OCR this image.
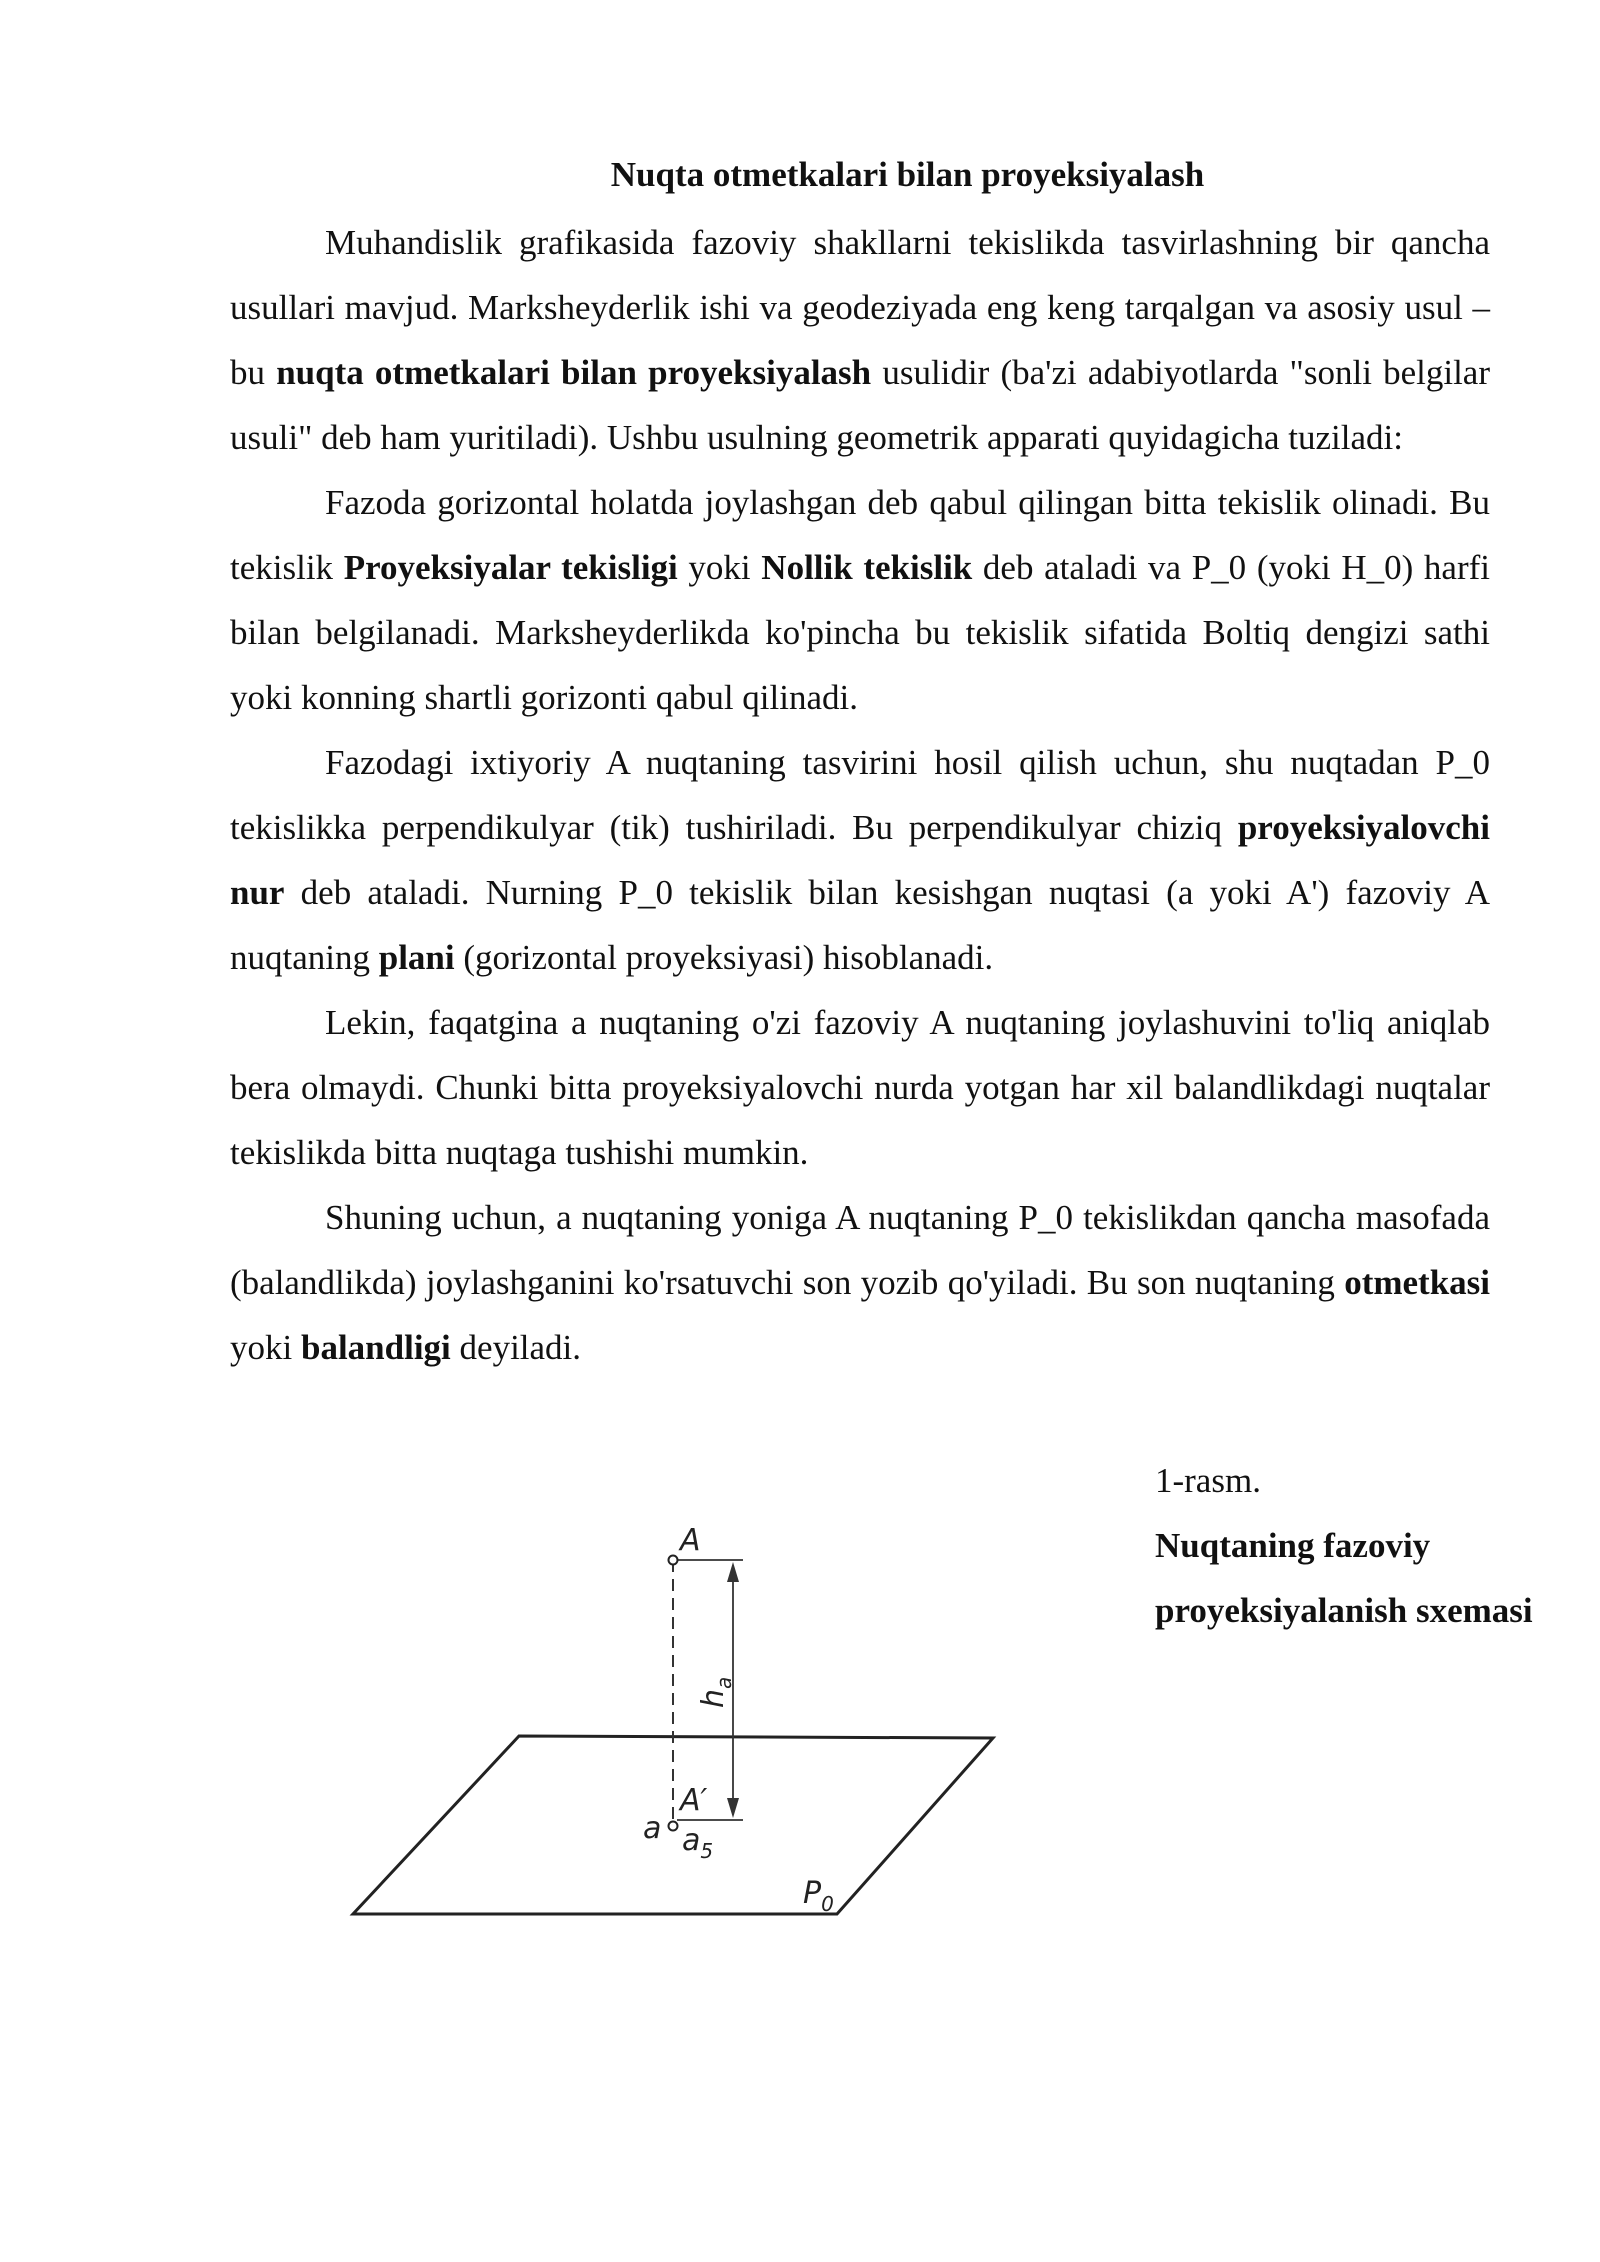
Nuqta otmetkalari bilan proyeksiyalash

Muhandislik grafikasida fazoviy shakllarni tekislikda tasvirlashning bir qancha usullari mavjud. Marksheyderlik ishi va geodeziyada eng keng tarqalgan va asosiy usul – bu nuqta otmetkalari bilan proyeksiyalash usulidir (ba'zi adabiyotlarda "sonli belgilar usuli" deb ham yuritiladi). Ushbu usulning geometrik apparati quyidagicha tuziladi:

Fazoda gorizontal holatda joylashgan deb qabul qilingan bitta tekislik olinadi. Bu tekislik Proyeksiyalar tekisligi yoki Nollik tekislik deb ataladi va P_0 (yoki H_0) harfi bilan belgilanadi. Marksheyderlikda ko'pincha bu tekislik sifatida Boltiq dengizi sathi yoki konning shartli gorizonti qabul qilinadi.

Fazodagi ixtiyoriy A nuqtaning tasvirini hosil qilish uchun, shu nuqtadan P_0 tekislikka perpendikulyar (tik) tushiriladi. Bu perpendikulyar chiziq proyeksiyalovchi nur deb ataladi. Nurning P_0 tekislik bilan kesishgan nuqtasi (a yoki A') fazoviy A nuqtaning plani (gorizontal proyeksiyasi) hisoblanadi.

Lekin, faqatgina a nuqtaning o'zi fazoviy A nuqtaning joylashuvini to'liq aniqlab bera olmaydi. Chunki bitta proyeksiyalovchi nurda yotgan har xil balandlikdagi nuqtalar tekislikda bitta nuqtaga tushishi mumkin.

Shuning uchun, a nuqtaning yoniga A nuqtaning P_0 tekislikdan qancha masofada (balandlikda) joylashganini ko'rsatuvchi son yozib qo'yiladi. Bu son nuqtaning otmetkasi yoki balandligi deyiladi.

1-rasm.
Nuqtaning fazoviy proyeksiyalanish sxemasi
A
A′
a $a_5$
$h_a$
$P_0$
